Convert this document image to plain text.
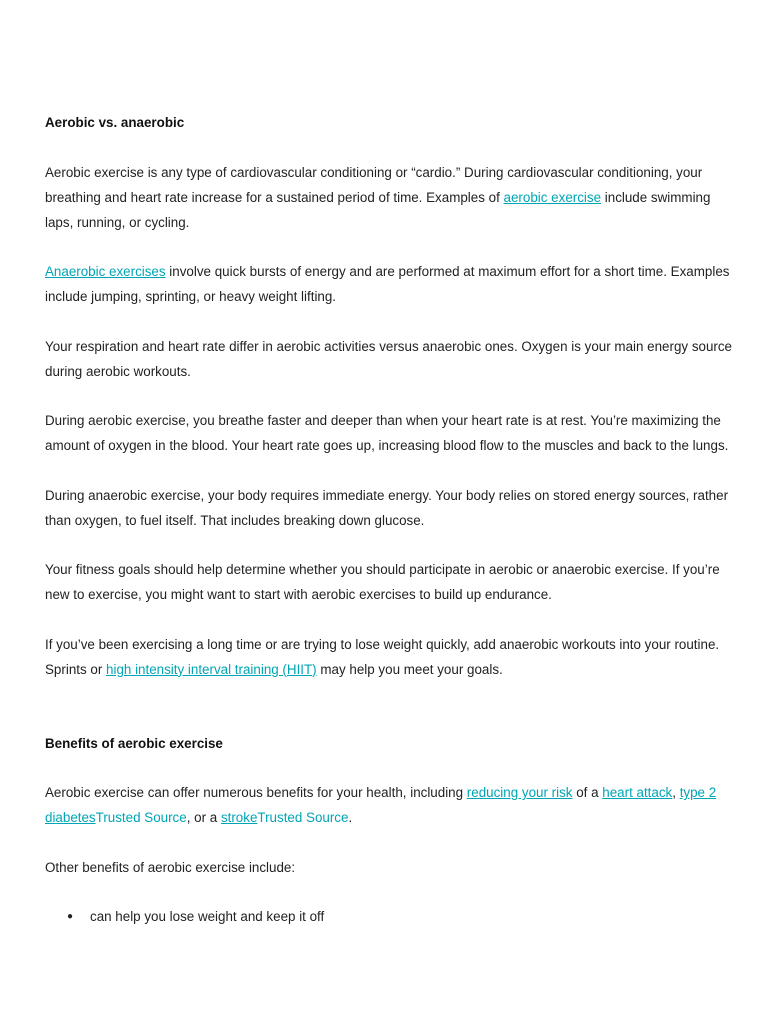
Aerobic vs. anaerobic

Aerobic exercise is any type of cardiovascular conditioning or “cardio.” During cardiovascular conditioning, your breathing and heart rate increase for a sustained period of time. Examples of aerobic exercise include swimming laps, running, or cycling.

Anaerobic exercises involve quick bursts of energy and are performed at maximum effort for a short time. Examples include jumping, sprinting, or heavy weight lifting.

Your respiration and heart rate differ in aerobic activities versus anaerobic ones. Oxygen is your main energy source during aerobic workouts.

During aerobic exercise, you breathe faster and deeper than when your heart rate is at rest. You’re maximizing the amount of oxygen in the blood. Your heart rate goes up, increasing blood flow to the muscles and back to the lungs.

During anaerobic exercise, your body requires immediate energy. Your body relies on stored energy sources, rather than oxygen, to fuel itself. That includes breaking down glucose.

Your fitness goals should help determine whether you should participate in aerobic or anaerobic exercise. If you’re new to exercise, you might want to start with aerobic exercises to build up endurance.

If you’ve been exercising a long time or are trying to lose weight quickly, add anaerobic workouts into your routine. Sprints or high intensity interval training (HIIT) may help you meet your goals.

Benefits of aerobic exercise

Aerobic exercise can offer numerous benefits for your health, including reducing your risk of a heart attack, type 2 diabetesTrusted Source, or a strokeTrusted Source.

Other benefits of aerobic exercise include:

● can help you lose weight and keep it off
